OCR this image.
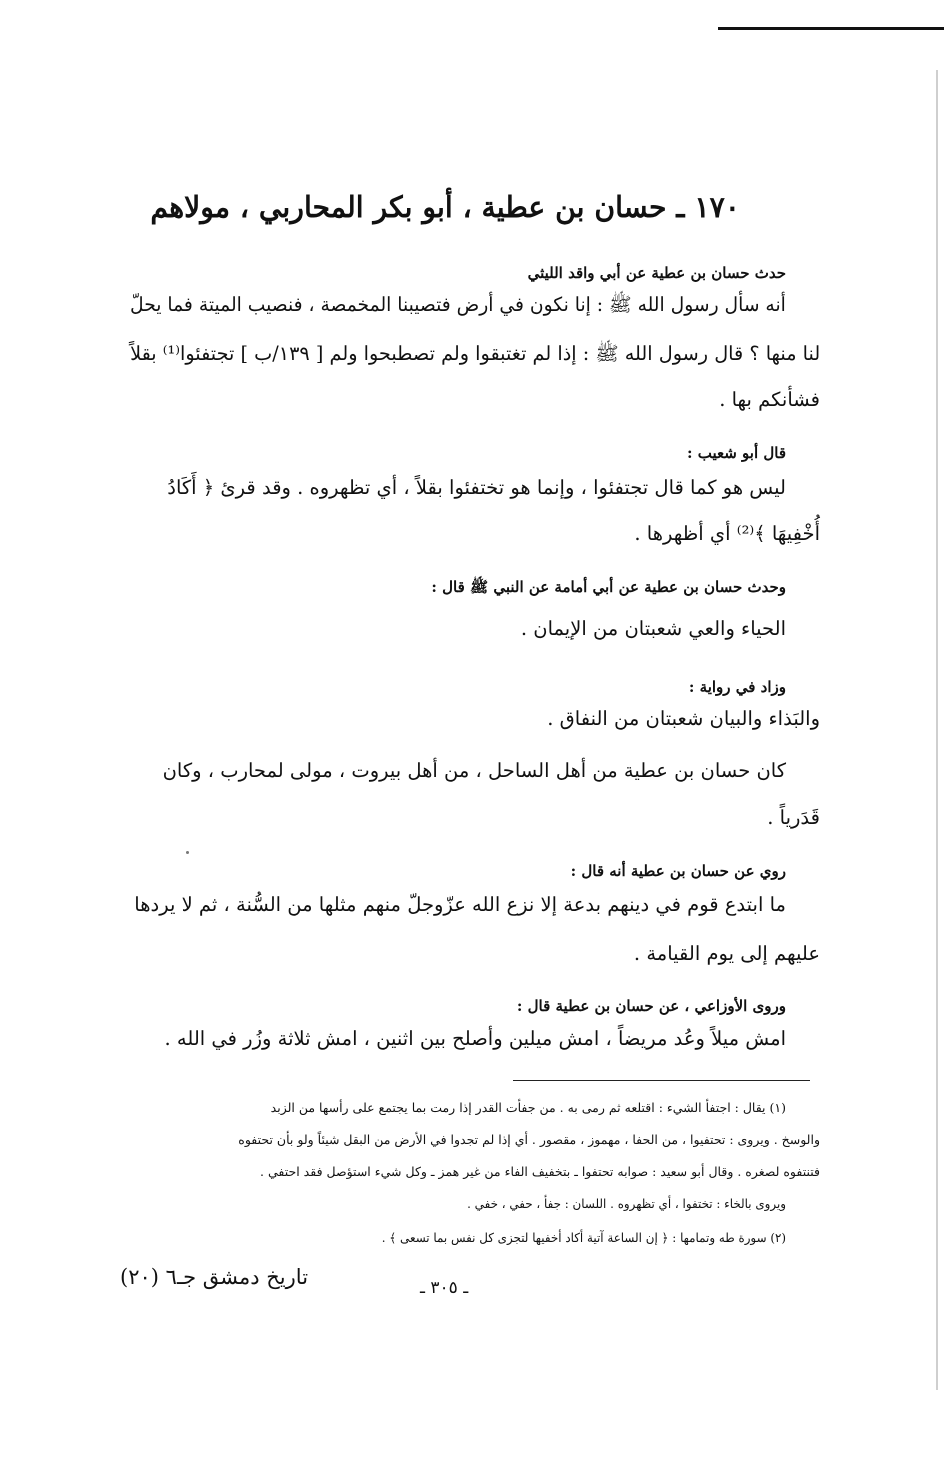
١٧٠ ـ حسان بن عطية ، أبو بكر المحاربي ، مولاهم
حدث حسان بن عطية عن أبي واقد الليثي
أنه سأل رسول الله ﷺ : إنا نكون في أرض فتصيبنا المخمصة ، فنصيب الميتة فما يحلّ
لنا منها ؟ قال رسول الله ﷺ : إذا لم تغتبقوا ولم تصطبحوا ولم [ ١٣٩/ب ] تجتفئوا⁽¹⁾ بقلاً
فشأنكم بها .
قال أبو شعيب :
ليس هو كما قال تجتفئوا ، وإنما هو تختفئوا بقلاً ، أي تظهروه . وقد قرئ ﴿ أَكَادُ
أُخْفِيهَا ﴾⁽²⁾ أي أظهرها .
وحدث حسان بن عطية عن أبي أمامة عن النبي ﷺ قال :
الحياء والعي شعبتان من الإيمان .
وزاد في رواية :
والبَذاء والبيان شعبتان من النفاق .
كان حسان بن عطية من أهل الساحل ، من أهل بيروت ، مولى لمحارب ، وكان
قَدَرياً .
روي عن حسان بن عطية أنه قال :
ما ابتدع قوم في دينهم بدعة إلا نزع الله عزّوجلّ منهم مثلها من السُّنة ، ثم لا يردها
عليهم إلى يوم القيامة .
وروى الأوزاعي ، عن حسان بن عطية قال :
امش ميلاً وعُد مريضاً ، امش ميلين وأصلح بين اثنين ، امش ثلاثة وزُر في الله .
(١) يقال : اجتفأ الشيء : اقتلعه ثم رمى به . من جفأت القدر إذا رمت بما يجتمع على رأسها من الزبد
والوسخ . ويروى : تحتفيوا ، من الحفا ، مهموز ، مقصور . أي إذا لم تجدوا في الأرض من البقل شيئاً ولو بأن تحتفوه
فتنتفوه لصغره . وقال أبو سعيد : صوابه تحتفوا ـ بتخفيف الفاء من غير همز ـ وكل شيء استؤصل فقد احتفي .
ويروى بالخاء : تختفوا ، أي تظهروه . اللسان : جفأ ، حفي ، خفي .
(٢) سورة طه وتمامها : ﴿ إن الساعة آتية أكاد أخفيها لتجزى كل نفس بما تسعى ﴾ .
ـ ٣٠٥ ـ
تاريخ دمشق جـ٦ (٢٠)
